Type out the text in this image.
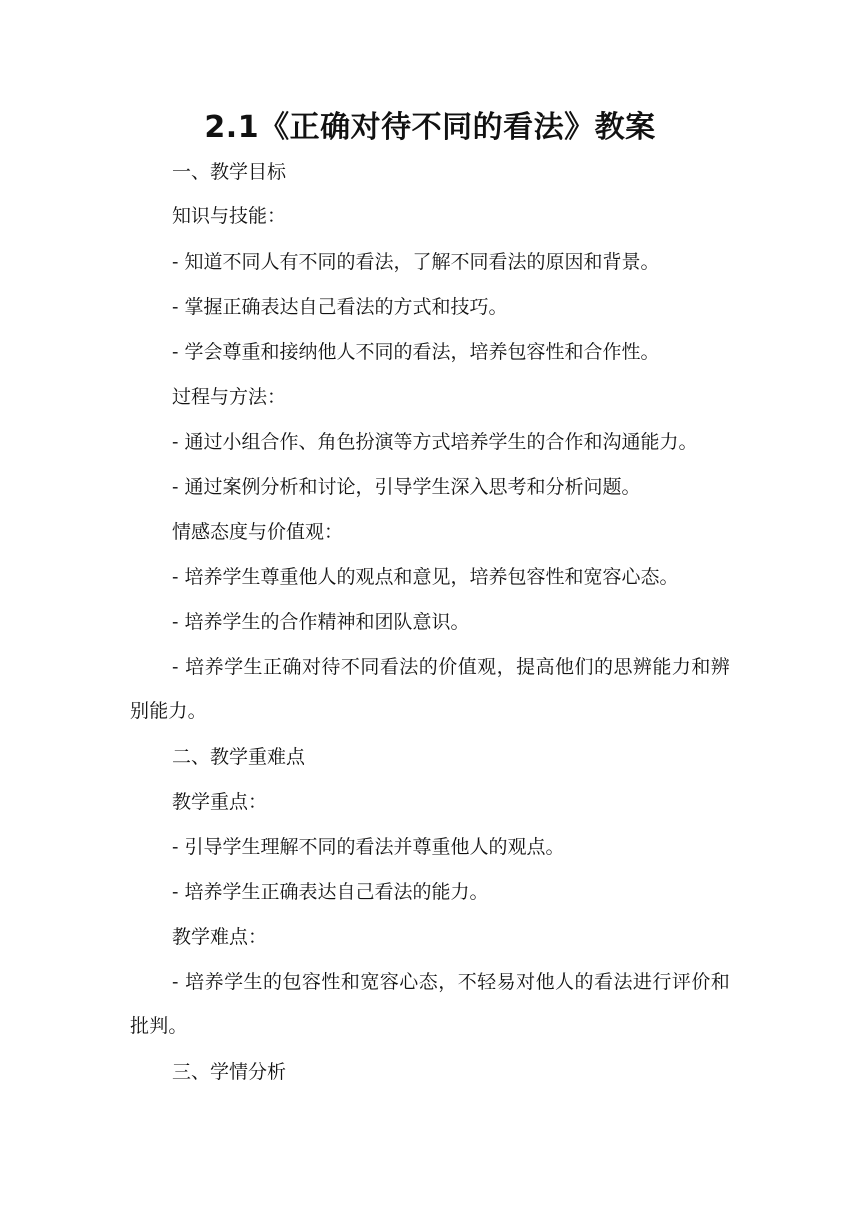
2.1《正确对待不同的看法》教案
一、教学目标
知识与技能：
- 知道不同人有不同的看法，了解不同看法的原因和背景。
- 掌握正确表达自己看法的方式和技巧。
- 学会尊重和接纳他人不同的看法，培养包容性和合作性。
过程与方法：
- 通过小组合作、角色扮演等方式培养学生的合作和沟通能力。
- 通过案例分析和讨论，引导学生深入思考和分析问题。
情感态度与价值观：
- 培养学生尊重他人的观点和意见，培养包容性和宽容心态。
- 培养学生的合作精神和团队意识。
- 培养学生正确对待不同看法的价值观，提高他们的思辨能力和辨别能力。
二、教学重难点
教学重点：
- 引导学生理解不同的看法并尊重他人的观点。
- 培养学生正确表达自己看法的能力。
教学难点：
- 培养学生的包容性和宽容心态，不轻易对他人的看法进行评价和批判。
三、学情分析
